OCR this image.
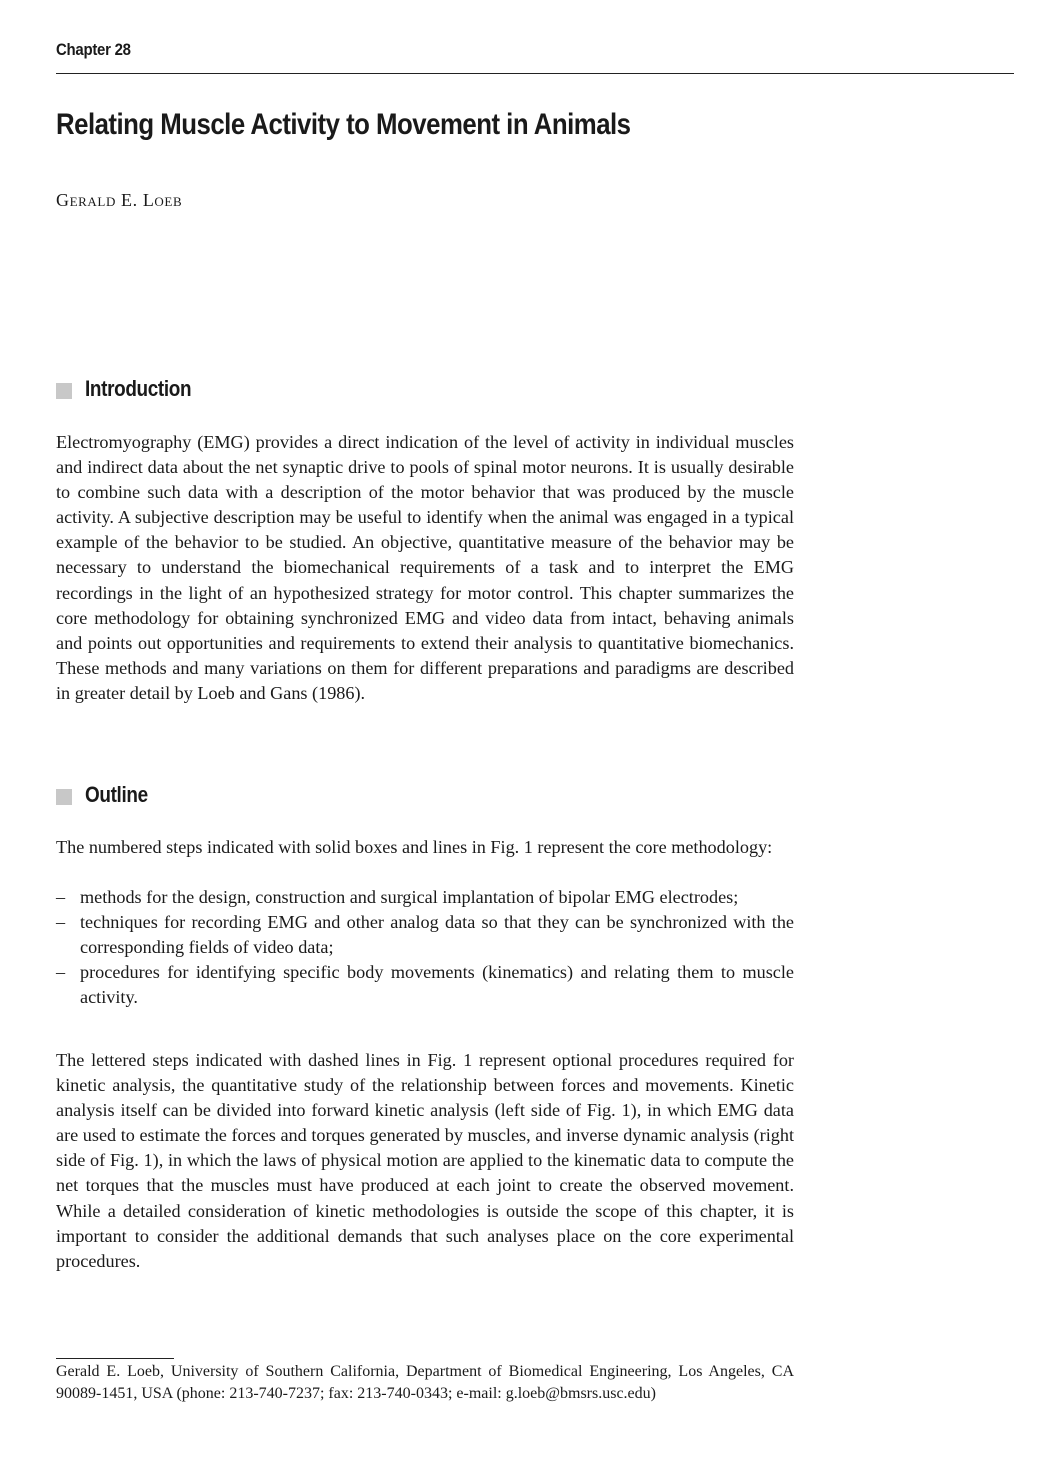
Chapter 28
Relating Muscle Activity to Movement in Animals
Gerald E. Loeb
Introduction

Electromyography (EMG) provides a direct indication of the level of activity in individual muscles and indirect data about the net synaptic drive to pools of spinal motor neurons. It is usually desirable to combine such data with a description of the motor behavior that was produced by the muscle activity. A subjective description may be useful to identify when the animal was engaged in a typical example of the behavior to be studied. An objective, quantitative measure of the behavior may be necessary to understand the biomechanical requirements of a task and to interpret the EMG recordings in the light of an hypothesized strategy for motor control. This chapter summarizes the core methodology for obtaining synchronized EMG and video data from intact, behaving animals and points out opportunities and requirements to extend their analysis to quantitative biomechanics. These methods and many variations on them for different preparations and paradigms are described in greater detail by Loeb and Gans (1986).

Outline

The numbered steps indicated with solid boxes and lines in Fig. 1 represent the core methodology:

– methods for the design, construction and surgical implantation of bipolar EMG electrodes;
– techniques for recording EMG and other analog data so that they can be synchronized with the corresponding fields of video data;
– procedures for identifying specific body movements (kinematics) and relating them to muscle activity.

The lettered steps indicated with dashed lines in Fig. 1 represent optional procedures required for kinetic analysis, the quantitative study of the relationship between forces and movements. Kinetic analysis itself can be divided into forward kinetic analysis (left side of Fig. 1), in which EMG data are used to estimate the forces and torques generated by muscles, and inverse dynamic analysis (right side of Fig. 1), in which the laws of physical motion are applied to the kinematic data to compute the net torques that the muscles must have produced at each joint to create the observed movement. While a detailed consideration of kinetic methodologies is outside the scope of this chapter, it is important to consider the additional demands that such analyses place on the core experimental procedures.

Gerald E. Loeb, University of Southern California, Department of Biomedical Engineering, Los Angeles, CA 90089-1451, USA (phone: 213-740-7237; fax: 213-740-0343; e-mail: g.loeb@bmsrs.usc.edu)
